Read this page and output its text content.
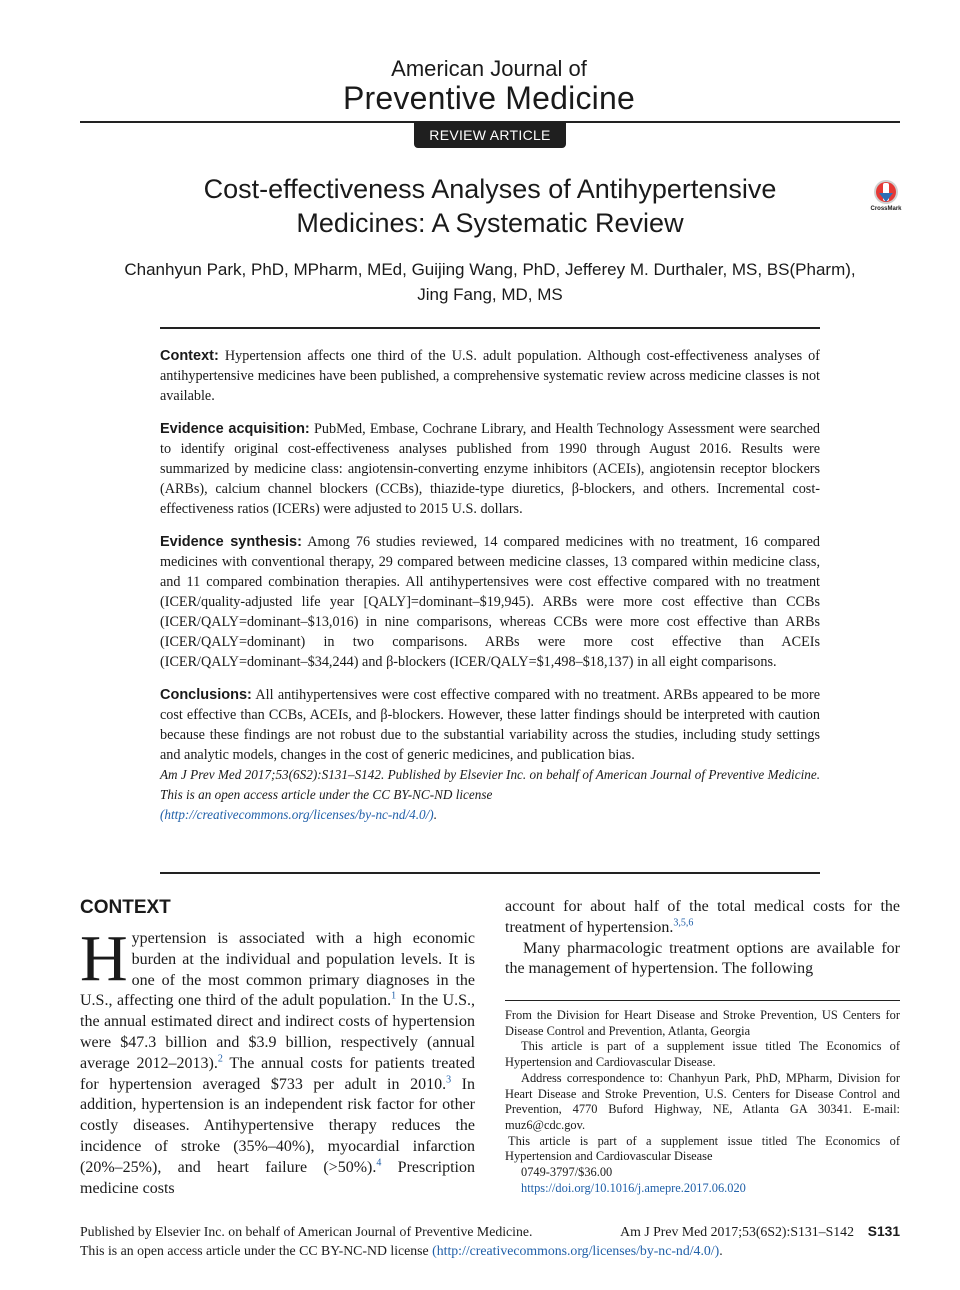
American Journal of
Preventive Medicine
REVIEW ARTICLE
Cost-effectiveness Analyses of Antihypertensive Medicines: A Systematic Review	CrossMark
Chanhyun Park, PhD, MPharm, MEd, Guijing Wang, PhD, Jefferey M. Durthaler, MS, BS(Pharm),
Jing Fang, MD, MS

Context: Hypertension affects one third of the U.S. adult population. Although cost-effectiveness analyses of antihypertensive medicines have been published, a comprehensive systematic review across medicine classes is not available.

Evidence acquisition: PubMed, Embase, Cochrane Library, and Health Technology Assessment were searched to identify original cost-effectiveness analyses published from 1990 through August 2016. Results were summarized by medicine class: angiotensin-converting enzyme inhibitors (ACEIs), angiotensin receptor blockers (ARBs), calcium channel blockers (CCBs), thiazide-type diuretics, β-blockers, and others. Incremental cost-effectiveness ratios (ICERs) were adjusted to 2015 U.S. dollars.

Evidence synthesis: Among 76 studies reviewed, 14 compared medicines with no treatment, 16 compared medicines with conventional therapy, 29 compared between medicine classes, 13 compared within medicine class, and 11 compared combination therapies. All antihypertensives were cost effective compared with no treatment (ICER/quality-adjusted life year [QALY]=dominant–$19,945). ARBs were more cost effective than CCBs (ICER/QALY=dominant–$13,016) in nine comparisons, whereas CCBs were more cost effective than ARBs (ICER/QALY=dominant) in two comparisons. ARBs were more cost effective than ACEIs (ICER/QALY=dominant–$34,244) and β-blockers (ICER/QALY=$1,498–$18,137) in all eight comparisons.

Conclusions: All antihypertensives were cost effective compared with no treatment. ARBs appeared to be more cost effective than CCBs, ACEIs, and β-blockers. However, these latter findings should be interpreted with caution because these findings are not robust due to the substantial variability across the studies, including study settings and analytic models, changes in the cost of generic medicines, and publication bias.

Am J Prev Med 2017;53(6S2):S131–S142. Published by Elsevier Inc. on behalf of American Journal of Preventive Medicine. This is an open access article under the CC BY-NC-ND license
(http://creativecommons.org/licenses/by-nc-nd/4.0/).

CONTEXT

Hypertension is associated with a high economic burden at the individual and population levels. It is one of the most common primary diagnoses in the U.S., affecting one third of the adult population.$^1$ In the U.S., the annual estimated direct and indirect costs of hypertension were $47.3 billion and $3.9 billion, respectively (annual average 2012–2013).$^2$ The annual costs for patients treated for hypertension averaged $733 per adult in 2010.$^3$ In addition, hypertension is an independent risk factor for other costly diseases. Antihypertensive therapy reduces the incidence of stroke (35%–40%), myocardial infarction (20%–25%), and heart failure (>50%).$^4$ Prescription medicine costs

account for about half of the total medical costs for the treatment of hypertension.$^{3,5,6}$

Many pharmacologic treatment options are available for the management of hypertension. The following

From the Division for Heart Disease and Stroke Prevention, US Centers for Disease Control and Prevention, Atlanta, Georgia

This article is part of a supplement issue titled The Economics of Hypertension and Cardiovascular Disease.

Address correspondence to: Chanhyun Park, PhD, MPharm, Division for Heart Disease and Stroke Prevention, U.S. Centers for Disease Control and Prevention, 4770 Buford Highway, NE, Atlanta GA 30341. E-mail: muz6@cdc.gov.

This article is part of a supplement issue titled The Economics of Hypertension and Cardiovascular Disease

0749-3797/$36.00

https://doi.org/10.1016/j.amepre.2017.06.020

Published by Elsevier Inc. on behalf of American Journal of Preventive Medicine.	Am J Prev Med 2017;53(6S2):S131–S142 S131
This is an open access article under the CC BY-NC-ND license (http://creativecommons.org/licenses/by-nc-nd/4.0/).
